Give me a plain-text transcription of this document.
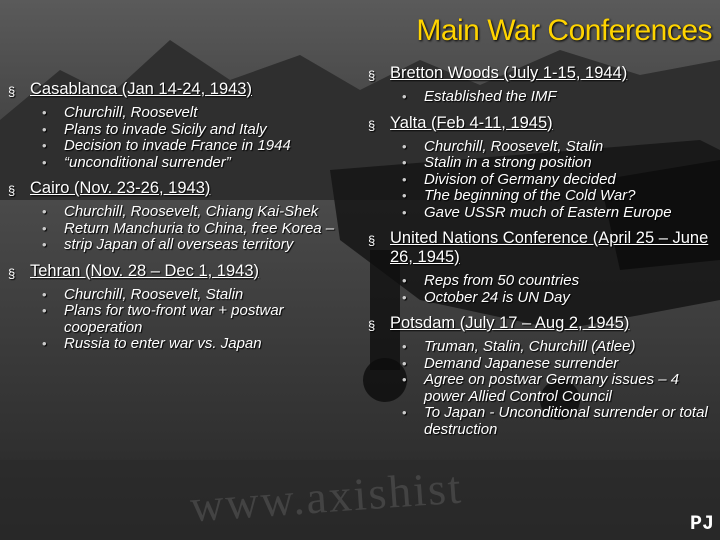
www.axishist
Main War Conferences
§ Casablanca (Jan 14-24, 1943)
• Churchill, Roosevelt
• Plans to invade Sicily and Italy
• Decision to invade France in 1944
• “unconditional surrender”
§ Cairo (Nov. 23-26, 1943)
• Churchill, Roosevelt, Chiang Kai-Shek
• Return Manchuria to China, free Korea –
• strip Japan of all overseas territory
§ Tehran (Nov. 28 – Dec 1, 1943)
• Churchill, Roosevelt, Stalin
• Plans for two-front war + postwar cooperation
• Russia to enter war vs. Japan
§ Bretton Woods (July 1-15, 1944)
• Established the IMF
§ Yalta (Feb 4-11, 1945)
• Churchill, Roosevelt, Stalin
• Stalin in a strong position
• Division of Germany decided
• The beginning of the Cold War?
• Gave USSR much of Eastern Europe
§ United Nations Conference (April 25 – June 26, 1945)
• Reps from 50 countries
• October 24 is UN Day
§ Potsdam (July 17 – Aug 2, 1945)
• Truman, Stalin, Churchill (Atlee)
• Demand Japanese surrender
• Agree on postwar Germany issues – 4 power Allied Control Council
• To Japan - Unconditional surrender or total destruction
PJ
